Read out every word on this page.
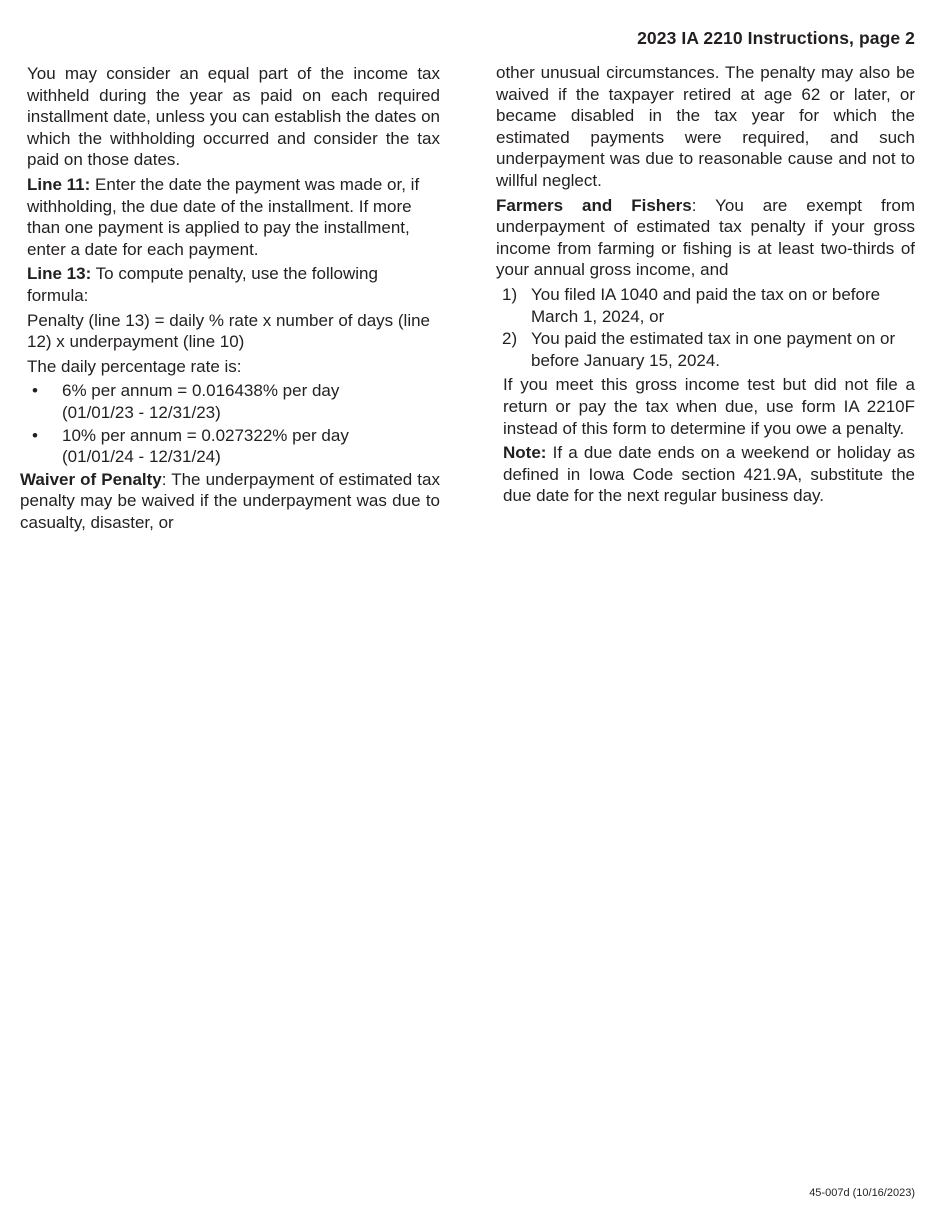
2023 IA 2210 Instructions, page 2

You may consider an equal part of the income tax withheld during the year as paid on each required installment date, unless you can establish the dates on which the withholding occurred and consider the tax paid on those dates.

Line 11: Enter the date the payment was made or, if withholding, the due date of the installment. If more than one payment is applied to pay the installment, enter a date for each payment.

Line 13: To compute penalty, use the following formula:

Penalty (line 13) = daily % rate x number of days (line 12) x underpayment (line 10)

The daily percentage rate is:

• 6% per annum = 0.016438% per day
(01/01/23 - 12/31/23)
• 10% per annum = 0.027322% per day
(01/01/24 - 12/31/24)

Waiver of Penalty: The underpayment of estimated tax penalty may be waived if the underpayment was due to casualty, disaster, or

other unusual circumstances. The penalty may also be waived if the taxpayer retired at age 62 or later, or became disabled in the tax year for which the estimated payments were required, and such underpayment was due to reasonable cause and not to willful neglect.

Farmers and Fishers: You are exempt from underpayment of estimated tax penalty if your gross income from farming or fishing is at least two-thirds of your annual gross income, and

1) You filed IA 1040 and paid the tax on or before March 1, 2024, or
2) You paid the estimated tax in one payment on or before January 15, 2024.

If you meet this gross income test but did not file a return or pay the tax when due, use form IA 2210F instead of this form to determine if you owe a penalty.

Note: If a due date ends on a weekend or holiday as defined in Iowa Code section 421.9A, substitute the due date for the next regular business day.

45-007d (10/16/2023)
